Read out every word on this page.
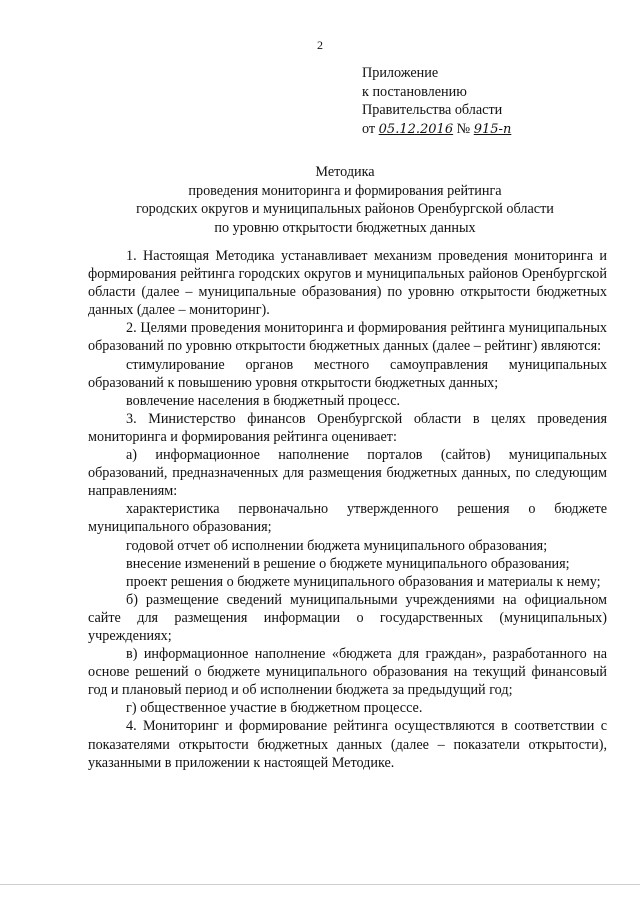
2
Приложение
к постановлению
Правительства области
от 05.12.2016 № 915-п
Методика
проведения мониторинга и формирования рейтинга
городских округов и муниципальных районов Оренбургской области
по уровню открытости бюджетных данных

1. Настоящая Методика устанавливает механизм проведения мониторинга и формирования рейтинга городских округов и муниципальных районов Оренбургской области (далее – муниципальные образования) по уровню открытости бюджетных данных (далее – мониторинг).

2. Целями проведения мониторинга и формирования рейтинга муниципальных образований по уровню открытости бюджетных данных (далее – рейтинг) являются:

стимулирование органов местного самоуправления муниципальных образований к повышению уровня открытости бюджетных данных;

вовлечение населения в бюджетный процесс.

3. Министерство финансов Оренбургской области в целях проведения мониторинга и формирования рейтинга оценивает:

а) информационное наполнение порталов (сайтов) муниципальных образований, предназначенных для размещения бюджетных данных, по следующим направлениям:

характеристика первоначально утвержденного решения о бюджете муниципального образования;

годовой отчет об исполнении бюджета муниципального образования;

внесение изменений в решение о бюджете муниципального образования;

проект решения о бюджете муниципального образования и материалы к нему;

б) размещение сведений муниципальными учреждениями на официальном сайте для размещения информации о государственных (муниципальных) учреждениях;

в) информационное наполнение «бюджета для граждан», разработанного на основе решений о бюджете муниципального образования на текущий финансовый год и плановый период и об исполнении бюджета за предыдущий год;

г) общественное участие в бюджетном процессе.

4. Мониторинг и формирование рейтинга осуществляются в соответствии с показателями открытости бюджетных данных (далее – показатели открытости), указанными в приложении к настоящей Методике.
